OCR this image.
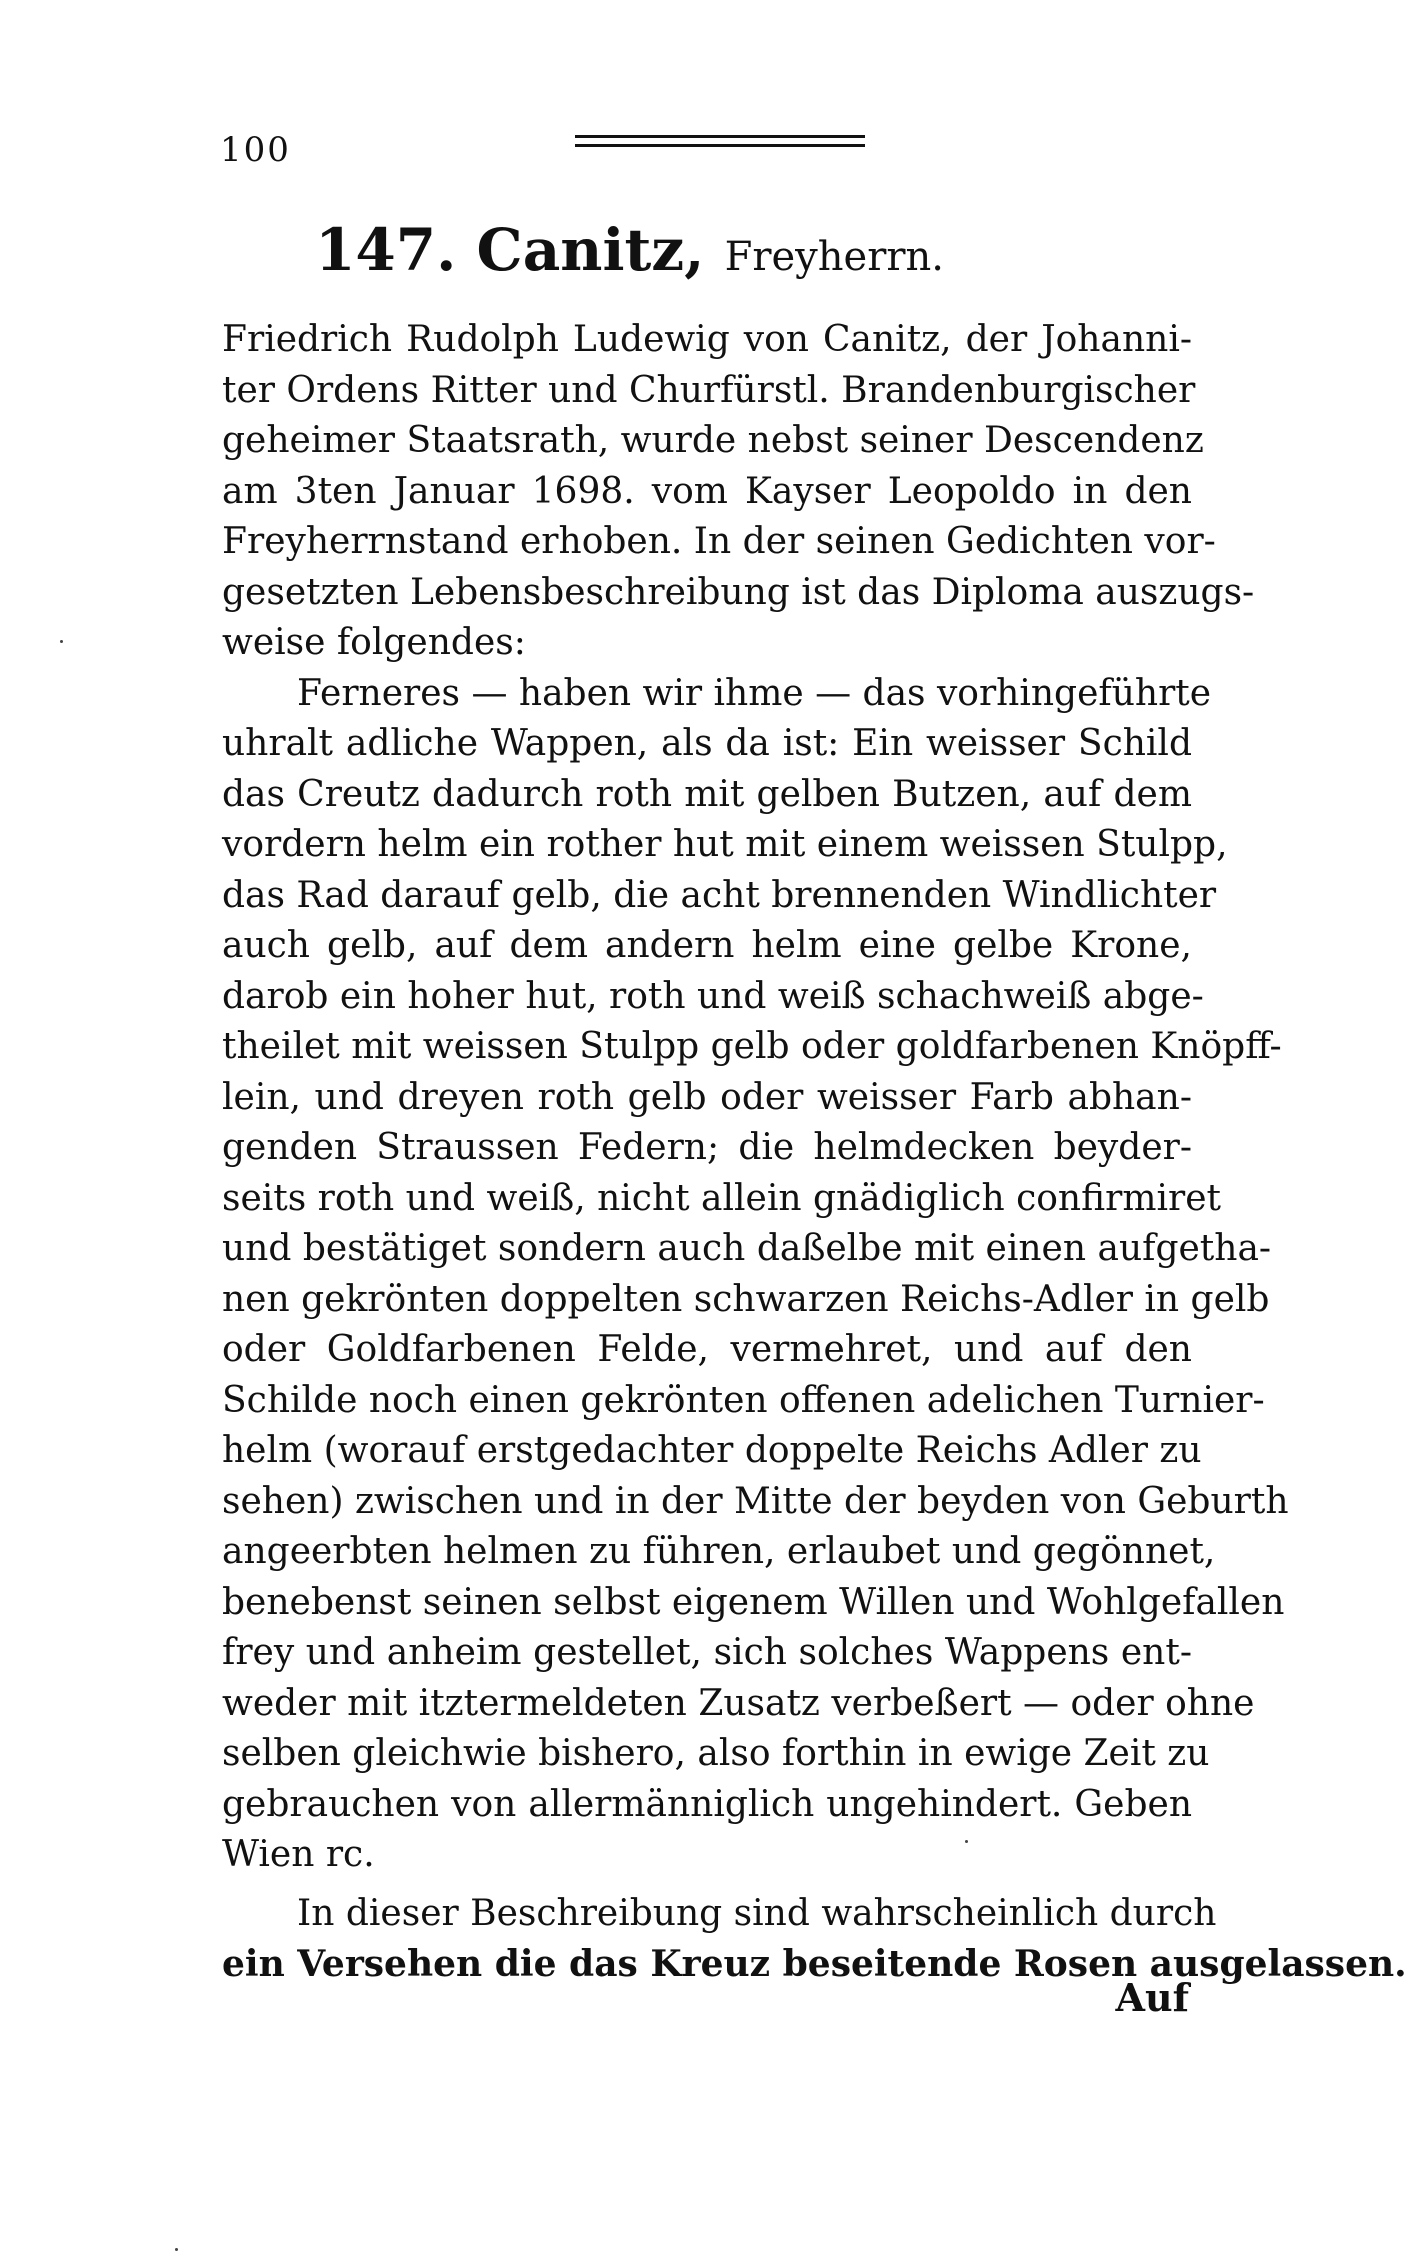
100
147. Canitz, Freyherrn.
Friedrich Rudolph Ludewig von Canitz, der Johanni-
ter Ordens Ritter und Churfürstl. Brandenburgischer
geheimer Staatsrath, wurde nebst seiner Descendenz
am 3ten Januar 1698. vom Kayser Leopoldo in den
Freyherrnstand erhoben. In der seinen Gedichten vor-
gesetzten Lebensbeschreibung ist das Diploma auszugs-
weise folgendes:
Ferneres — haben wir ihme — das vorhingeführte
uhralt adliche Wappen, als da ist: Ein weisser Schild
das Creutz dadurch roth mit gelben Butzen, auf dem
vordern helm ein rother hut mit einem weissen Stulpp,
das Rad darauf gelb, die acht brennenden Windlichter
auch gelb, auf dem andern helm eine gelbe Krone,
darob ein hoher hut, roth und weiß schachweiß abge-
theilet mit weissen Stulpp gelb oder goldfarbenen Knöpff-
lein, und dreyen roth gelb oder weisser Farb abhan-
genden Straussen Federn; die helmdecken beyder-
seits roth und weiß, nicht allein gnädiglich confirmiret
und bestätiget sondern auch daßelbe mit einen aufgetha-
nen gekrönten doppelten schwarzen Reichs-Adler in gelb
oder Goldfarbenen Felde, vermehret, und auf den
Schilde noch einen gekrönten offenen adelichen Turnier-
helm (worauf erstgedachter doppelte Reichs Adler zu
sehen) zwischen und in der Mitte der beyden von Geburth
angeerbten helmen zu führen, erlaubet und gegönnet,
benebenst seinen selbst eigenem Willen und Wohlgefallen
frey und anheim gestellet, sich solches Wappens ent-
weder mit itztermeldeten Zusatz verbeßert — oder ohne
selben gleichwie bishero, also forthin in ewige Zeit zu
gebrauchen von allermänniglich ungehindert. Geben
Wien rc.
In dieser Beschreibung sind wahrscheinlich durch
ein Versehen die das Kreuz beseitende Rosen ausgelassen.
Auf
